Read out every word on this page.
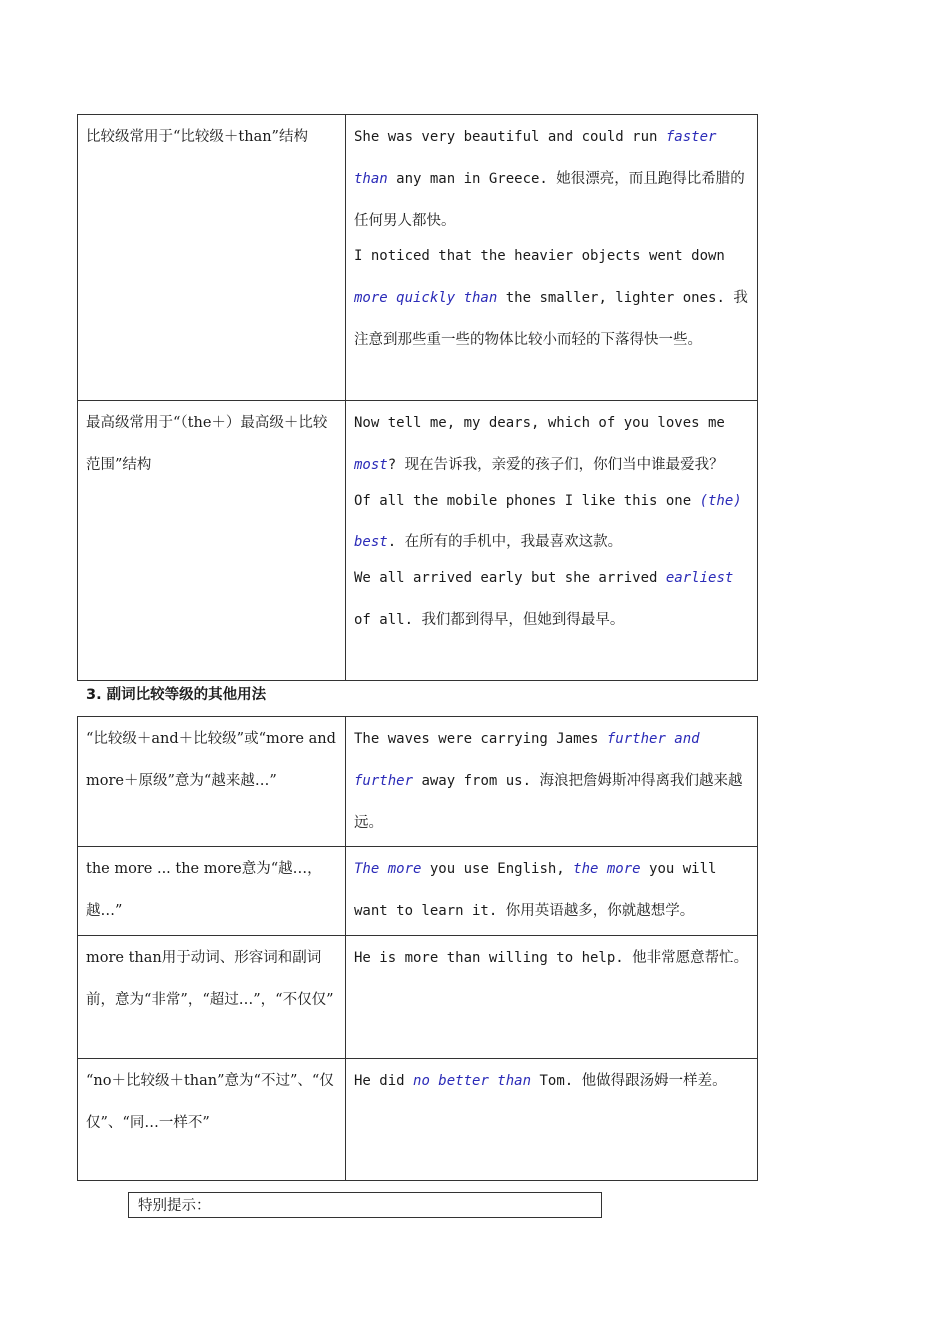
比较级常用于“比较级＋than”结构	She was very beautiful and could run faster than any man in Greece. 她很漂亮，而且跑得比希腊的任何男人都快。
I noticed that the heavier objects went down more quickly than the smaller, lighter ones. 我注意到那些重一些的物体比较小而轻的下落得快一些。

最高级常用于“（the＋）最高级＋比较范围”结构	Now tell me, my dears, which of you loves me most? 现在告诉我，亲爱的孩子们，你们当中谁最爱我？
Of all the mobile phones I like this one (the) best. 在所有的手机中，我最喜欢这款。
We all arrived early but she arrived earliest of all. 我们都到得早，但她到得最早。
3. 副词比较等级的其他用法
“比较级＋and＋比较级”或“more and more＋原级”意为“越来越…”	The waves were carrying James further and further away from us. 海浪把詹姆斯冲得离我们越来越远。

the more ... the more意为“越…，越…”	The more you use English, the more you will want to learn it. 你用英语越多，你就越想学。

more than用于动词、形容词和副词前，意为“非常”，“超过…”，“不仅仅”	He is more than willing to help. 他非常愿意帮忙。

“no＋比较级＋than”意为“不过”、“仅仅”、“同…一样不”	He did no better than Tom. 他做得跟汤姆一样差。
特别提示：
